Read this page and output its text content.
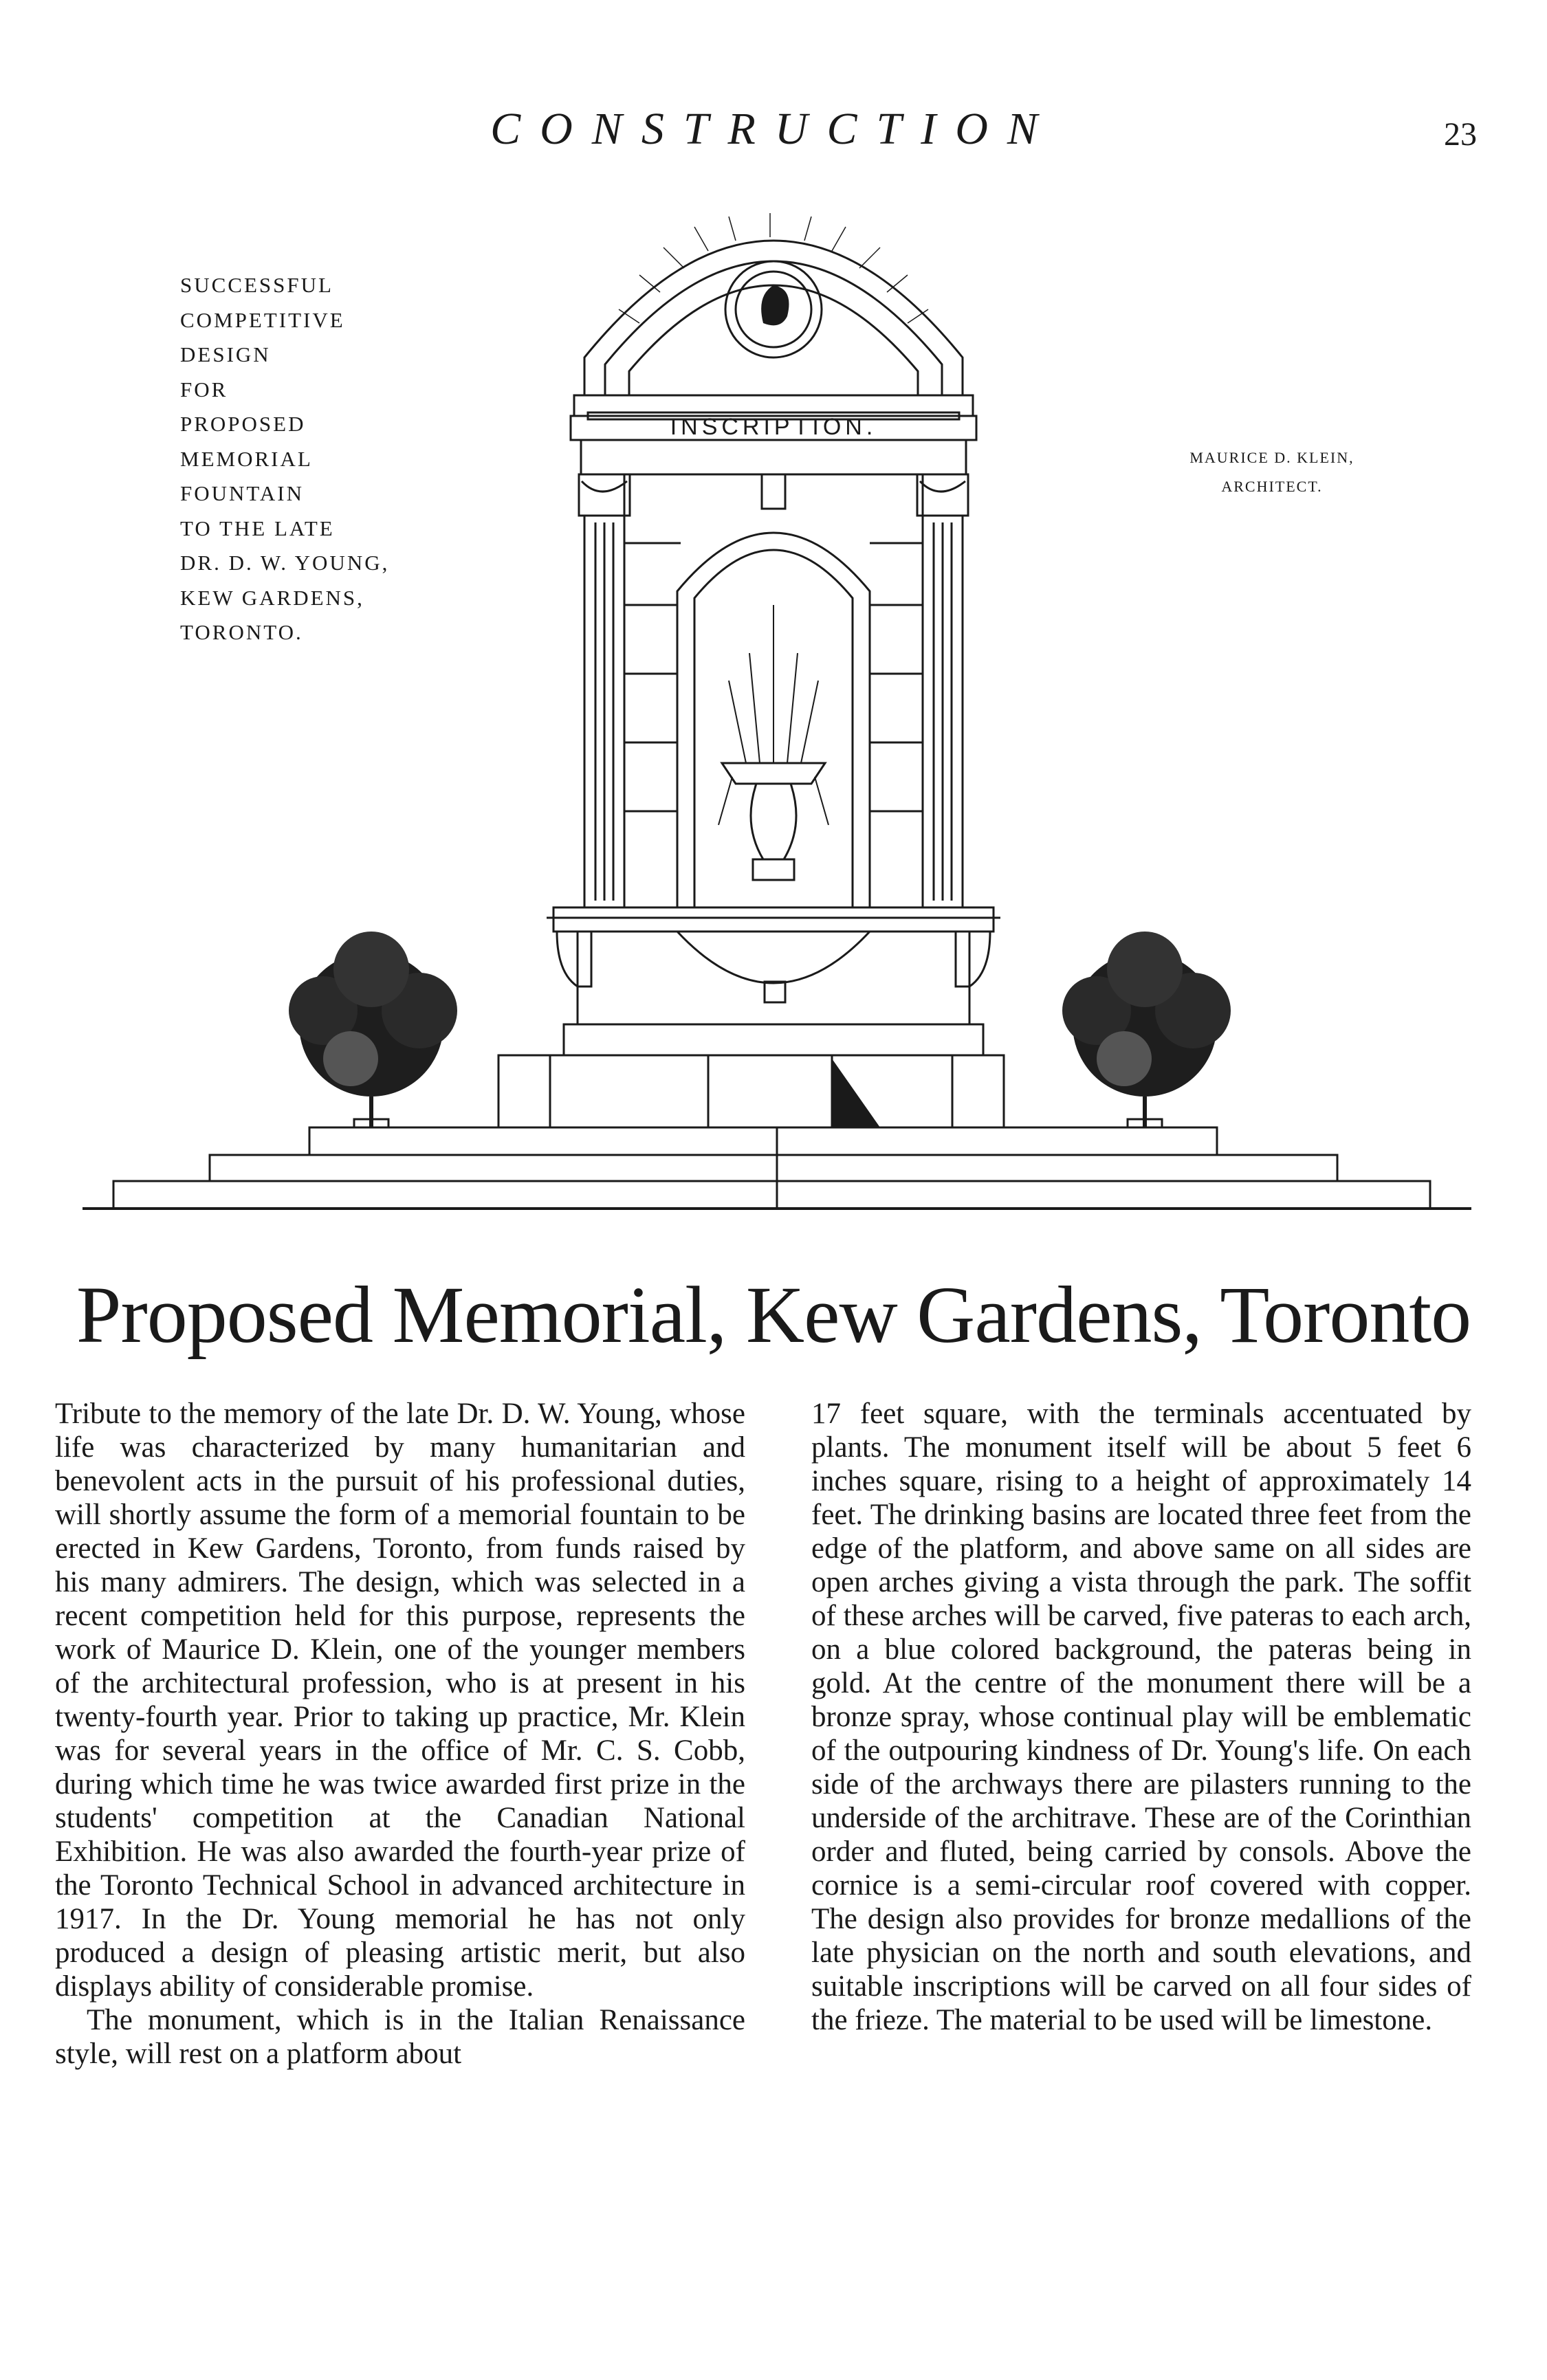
CONSTRUCTION	23
INSCRIPTION.
SUCCESSFUL
COMPETITIVE
DESIGN
FOR
PROPOSED
MEMORIAL
FOUNTAIN
TO THE LATE
DR. D. W. YOUNG,
KEW GARDENS,
TORONTO.
MAURICE D. KLEIN,
ARCHITECT.
Proposed Memorial, Kew Gardens, Toronto

Tribute to the memory of the late Dr. D. W. Young, whose life was characterized by many humanitarian and benevolent acts in the pursuit of his professional duties, will shortly assume the form of a memorial fountain to be erected in Kew Gardens, Toronto, from funds raised by his many admirers. The design, which was selected in a recent competition held for this purpose, represents the work of Maurice D. Klein, one of the younger members of the architectural profession, who is at present in his twenty-fourth year. Prior to taking up practice, Mr. Klein was for several years in the office of Mr. C. S. Cobb, during which time he was twice awarded first prize in the students' competition at the Canadian National Exhibition. He was also awarded the fourth-year prize of the Toronto Technical School in advanced architecture in 1917. In the Dr. Young memorial he has not only produced a design of pleasing artistic merit, but also displays ability of considerable promise.

The monument, which is in the Italian Renaissance style, will rest on a platform about

17 feet square, with the terminals accentuated by plants. The monument itself will be about 5 feet 6 inches square, rising to a height of approximately 14 feet. The drinking basins are located three feet from the edge of the platform, and above same on all sides are open arches giving a vista through the park. The soffit of these arches will be carved, five pateras to each arch, on a blue colored background, the pateras being in gold. At the centre of the monument there will be a bronze spray, whose continual play will be emblematic of the outpouring kindness of Dr. Young's life. On each side of the archways there are pilasters running to the underside of the architrave. These are of the Corinthian order and fluted, being carried by consols. Above the cornice is a semi-circular roof covered with copper. The design also provides for bronze medallions of the late physician on the north and south elevations, and suitable inscriptions will be carved on all four sides of the frieze. The material to be used will be limestone.
